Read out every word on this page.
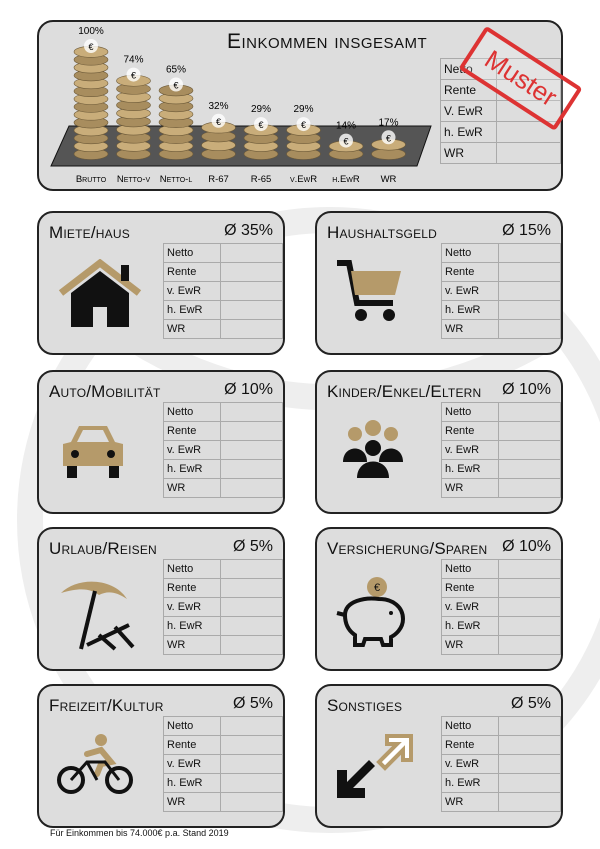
Einkommen insgesamt
€
100%
Brutto
€
74%
Netto-v
€
65%
Netto-l
€
32%
R-67
€
29%
R-65
€
29%
v.EwR
€
14%
h.EwR
€
17%
WR
Netto	
Rente	
V. EwR	
h. EwR	
WR	
Muster
Miete/haus	Ø 35%
Netto	
Rente	
v. EwR	
h. EwR	
WR	
Haushaltsgeld	Ø 15%
Netto	
Rente	
v. EwR	
h. EwR	
WR	
Auto/Mobilität	Ø 10%
Netto	
Rente	
v. EwR	
h. EwR	
WR	
Kinder/Enkel/Eltern Ø 10%
Netto	
Rente	
v. EwR	
h. EwR	
WR	
Urlaub/Reisen	Ø 5%
Netto	
Rente	
v. EwR	
h. EwR	
WR	
Versicherung/Sparen Ø 10%
Netto	
Rente	
v. EwR	
h. EwR	
WR	
€
Freizeit/Kultur	Ø 5%
Netto	
Rente	
v. EwR	
h. EwR	
WR	
Sonstiges	Ø 5%
Netto	
Rente	
v. EwR	
h. EwR	
WR	
Für Einkommen bis 74.000€ p.a. Stand 2019
